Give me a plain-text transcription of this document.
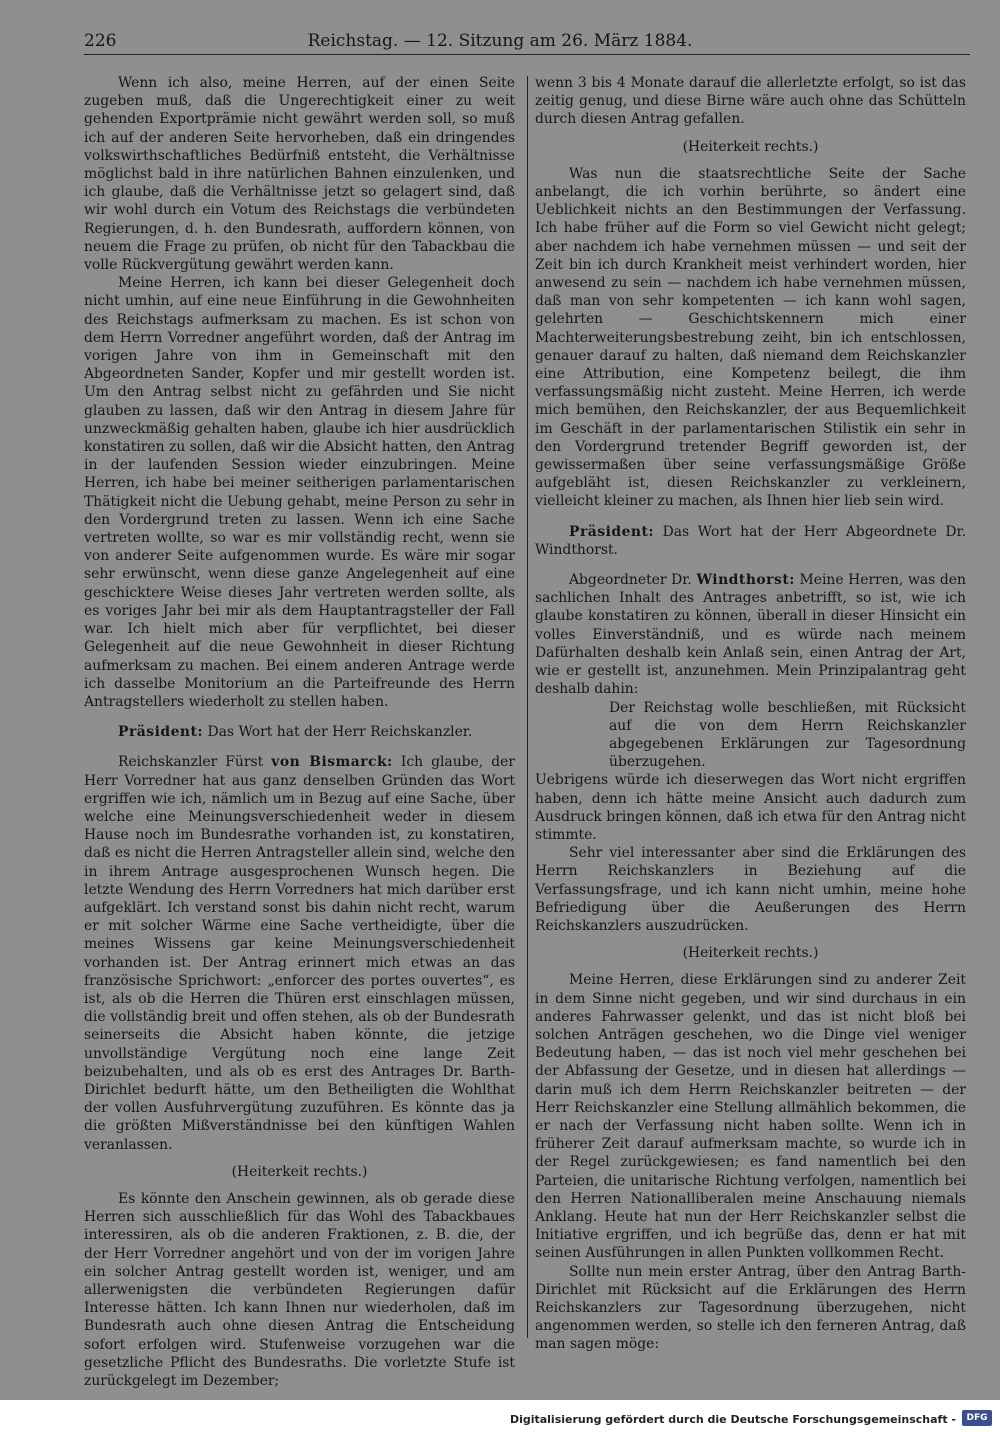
226	Reichstag. — 12. Sitzung am 26. März 1884.

Wenn ich also, meine Herren, auf der einen Seite zugeben muß, daß die Ungerechtigkeit einer zu weit gehenden Exportprämie nicht gewährt werden soll, so muß ich auf der anderen Seite hervorheben, daß ein dringendes volkswirthschaftliches Bedürfniß entsteht, die Verhältnisse möglichst bald in ihre natürlichen Bahnen einzulenken, und ich glaube, daß die Verhältnisse jetzt so gelagert sind, daß wir wohl durch ein Votum des Reichstags die verbündeten Regierungen, d. h. den Bundesrath, auffordern können, von neuem die Frage zu prüfen, ob nicht für den Tabackbau die volle Rückvergütung gewährt werden kann.

Meine Herren, ich kann bei dieser Gelegenheit doch nicht umhin, auf eine neue Einführung in die Gewohnheiten des Reichstags aufmerksam zu machen. Es ist schon von dem Herrn Vorredner angeführt worden, daß der Antrag im vorigen Jahre von ihm in Gemeinschaft mit den Abgeordneten Sander, Kopfer und mir gestellt worden ist. Um den Antrag selbst nicht zu gefährden und Sie nicht glauben zu lassen, daß wir den Antrag in diesem Jahre für unzweckmäßig gehalten haben, glaube ich hier ausdrücklich konstatiren zu sollen, daß wir die Absicht hatten, den Antrag in der laufenden Session wieder einzubringen. Meine Herren, ich habe bei meiner seitherigen parlamentarischen Thätigkeit nicht die Uebung gehabt, meine Person zu sehr in den Vordergrund treten zu lassen. Wenn ich eine Sache vertreten wollte, so war es mir vollständig recht, wenn sie von anderer Seite aufgenommen wurde. Es wäre mir sogar sehr erwünscht, wenn diese ganze Angelegenheit auf eine geschicktere Weise dieses Jahr vertreten werden sollte, als es voriges Jahr bei mir als dem Hauptantragsteller der Fall war. Ich hielt mich aber für verpflichtet, bei dieser Gelegenheit auf die neue Gewohnheit in dieser Richtung aufmerksam zu machen. Bei einem anderen Antrage werde ich dasselbe Monitorium an die Parteifreunde des Herrn Antragstellers wiederholt zu stellen haben.

Präsident: Das Wort hat der Herr Reichskanzler.

Reichskanzler Fürst von Bismarck: Ich glaube, der Herr Vorredner hat aus ganz denselben Gründen das Wort ergriffen wie ich, nämlich um in Bezug auf eine Sache, über welche eine Meinungsverschiedenheit weder in diesem Hause noch im Bundesrathe vorhanden ist, zu konstatiren, daß es nicht die Herren Antragsteller allein sind, welche den in ihrem Antrage ausgesprochenen Wunsch hegen. Die letzte Wendung des Herrn Vorredners hat mich darüber erst aufgeklärt. Ich verstand sonst bis dahin nicht recht, warum er mit solcher Wärme eine Sache vertheidigte, über die meines Wissens gar keine Meinungsverschiedenheit vorhanden ist. Der Antrag erinnert mich etwas an das französische Sprichwort: „enforcer des portes ouvertes“, es ist, als ob die Herren die Thüren erst einschlagen müssen, die vollständig breit und offen stehen, als ob der Bundesrath seinerseits die Absicht haben könnte, die jetzige unvollständige Vergütung noch eine lange Zeit beizubehalten, und als ob es erst des Antrages Dr. Barth-Dirichlet bedurft hätte, um den Betheiligten die Wohlthat der vollen Ausfuhrvergütung zuzuführen. Es könnte das ja die größten Mißverständnisse bei den künftigen Wahlen veranlassen.

(Heiterkeit rechts.)

Es könnte den Anschein gewinnen, als ob gerade diese Herren sich ausschließlich für das Wohl des Tabackbaues interessiren, als ob die anderen Fraktionen, z. B. die, der der Herr Vorredner angehört und von der im vorigen Jahre ein solcher Antrag gestellt worden ist, weniger, und am allerwenigsten die verbündeten Regierungen dafür Interesse hätten. Ich kann Ihnen nur wiederholen, daß im Bundesrath auch ohne diesen Antrag die Entscheidung sofort erfolgen wird. Stufenweise vorzugehen war die gesetzliche Pflicht des Bundesraths. Die vorletzte Stufe ist zurückgelegt im Dezember;

wenn 3 bis 4 Monate darauf die allerletzte erfolgt, so ist das zeitig genug, und diese Birne wäre auch ohne das Schütteln durch diesen Antrag gefallen.

(Heiterkeit rechts.)

Was nun die staatsrechtliche Seite der Sache anbelangt, die ich vorhin berührte, so ändert eine Ueblichkeit nichts an den Bestimmungen der Verfassung. Ich habe früher auf die Form so viel Gewicht nicht gelegt; aber nachdem ich habe vernehmen müssen — und seit der Zeit bin ich durch Krankheit meist verhindert worden, hier anwesend zu sein — nachdem ich habe vernehmen müssen, daß man von sehr kompetenten — ich kann wohl sagen, gelehrten — Geschichtskennern mich einer Machterweiterungsbestrebung zeiht, bin ich entschlossen, genauer darauf zu halten, daß niemand dem Reichskanzler eine Attribution, eine Kompetenz beilegt, die ihm verfassungsmäßig nicht zusteht. Meine Herren, ich werde mich bemühen, den Reichskanzler, der aus Bequemlichkeit im Geschäft in der parlamentarischen Stilistik ein sehr in den Vordergrund tretender Begriff geworden ist, der gewissermaßen über seine verfassungsmäßige Größe aufgebläht ist, diesen Reichskanzler zu verkleinern, vielleicht kleiner zu machen, als Ihnen hier lieb sein wird.

Präsident: Das Wort hat der Herr Abgeordnete Dr. Windthorst.

Abgeordneter Dr. Windthorst: Meine Herren, was den sachlichen Inhalt des Antrages anbetrifft, so ist, wie ich glaube konstatiren zu können, überall in dieser Hinsicht ein volles Einverständniß, und es würde nach meinem Dafürhalten deshalb kein Anlaß sein, einen Antrag der Art, wie er gestellt ist, anzunehmen. Mein Prinzipalantrag geht deshalb dahin:

Der Reichstag wolle beschließen, mit Rücksicht auf die von dem Herrn Reichskanzler abgegebenen Erklärungen zur Tagesordnung überzugehen.

Uebrigens würde ich dieserwegen das Wort nicht ergriffen haben, denn ich hätte meine Ansicht auch dadurch zum Ausdruck bringen können, daß ich etwa für den Antrag nicht stimmte.

Sehr viel interessanter aber sind die Erklärungen des Herrn Reichskanzlers in Beziehung auf die Verfassungsfrage, und ich kann nicht umhin, meine hohe Befriedigung über die Aeußerungen des Herrn Reichskanzlers auszudrücken.

(Heiterkeit rechts.)

Meine Herren, diese Erklärungen sind zu anderer Zeit in dem Sinne nicht gegeben, und wir sind durchaus in ein anderes Fahrwasser gelenkt, und das ist nicht bloß bei solchen Anträgen geschehen, wo die Dinge viel weniger Bedeutung haben, — das ist noch viel mehr geschehen bei der Abfassung der Gesetze, und in diesen hat allerdings — darin muß ich dem Herrn Reichskanzler beitreten — der Herr Reichskanzler eine Stellung allmählich bekommen, die er nach der Verfassung nicht haben sollte. Wenn ich in früherer Zeit darauf aufmerksam machte, so wurde ich in der Regel zurückgewiesen; es fand namentlich bei den Parteien, die unitarische Richtung verfolgen, namentlich bei den Herren Nationalliberalen meine Anschauung niemals Anklang. Heute hat nun der Herr Reichskanzler selbst die Initiative ergriffen, und ich begrüße das, denn er hat mit seinen Ausführungen in allen Punkten vollkommen Recht.

Sollte nun mein erster Antrag, über den Antrag Barth-Dirichlet mit Rücksicht auf die Erklärungen des Herrn Reichskanzlers zur Tagesordnung überzugehen, nicht angenommen werden, so stelle ich den ferneren Antrag, daß man sagen möge:

Digitalisierung gefördert durch die Deutsche Forschungsgemeinschaft -	DFG
